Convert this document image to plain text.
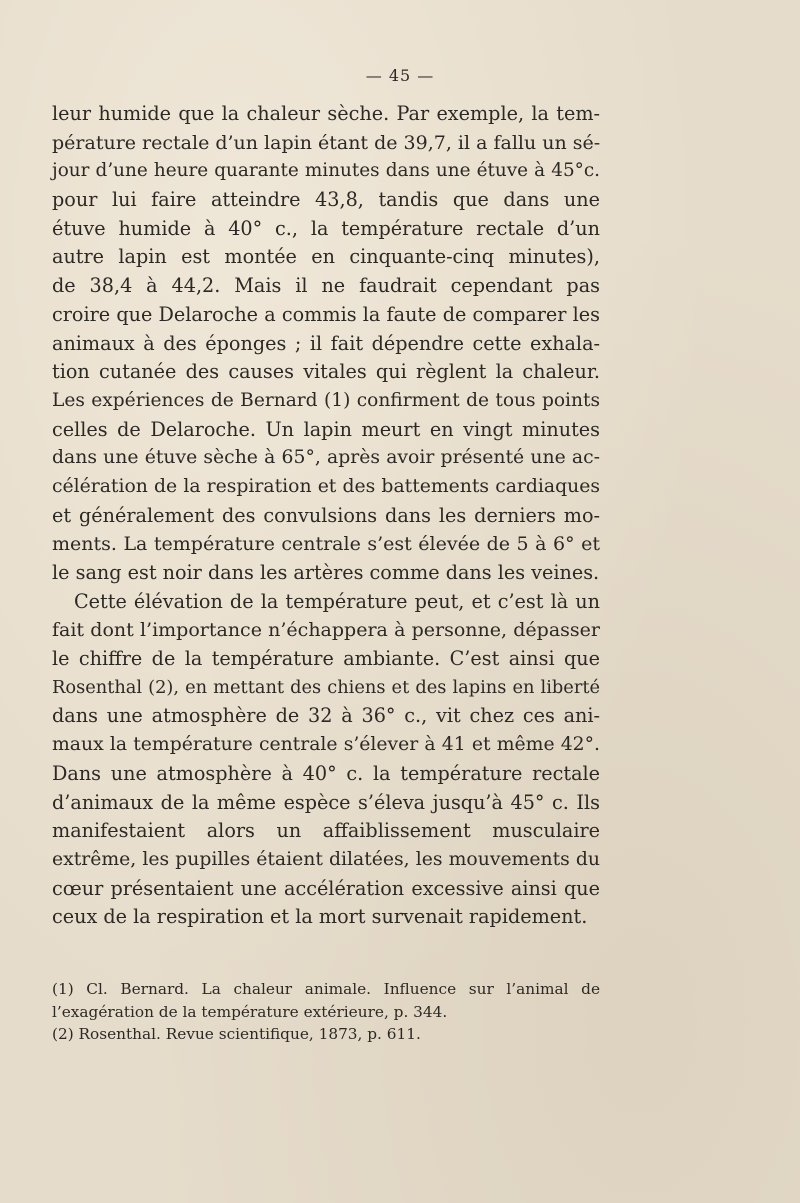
— 45 —
leur humide que la chaleur sèche. Par exemple, la tem-
pérature rectale d’un lapin étant de 39,7, il a fallu un sé-
jour d’une heure quarante minutes dans une étuve à 45°c.
pour lui faire atteindre 43,8, tandis que dans une
étuve humide à 40° c., la température rectale d’un
autre lapin est montée en cinquante-cinq minutes),
de 38,4 à 44,2. Mais il ne faudrait cependant pas
croire que Delaroche a commis la faute de comparer les
animaux à des éponges ; il fait dépendre cette exhala-
tion cutanée des causes vitales qui règlent la chaleur.
Les expériences de Bernard (1) confirment de tous points
celles de Delaroche. Un lapin meurt en vingt minutes
dans une étuve sèche à 65°, après avoir présenté une ac-
célération de la respiration et des battements cardiaques
et généralement des convulsions dans les derniers mo-
ments. La température centrale s’est élevée de 5 à 6° et
le sang est noir dans les artères comme dans les veines.
Cette élévation de la température peut, et c’est là un
fait dont l’importance n’échappera à personne, dépasser
le chiffre de la température ambiante. C’est ainsi que
Rosenthal (2), en mettant des chiens et des lapins en liberté
dans une atmosphère de 32 à 36° c., vit chez ces ani-
maux la température centrale s’élever à 41 et même 42°.
Dans une atmosphère à 40° c. la température rectale
d’animaux de la même espèce s’éleva jusqu’à 45° c. Ils
manifestaient alors un affaiblissement musculaire
extrême, les pupilles étaient dilatées, les mouvements du
cœur présentaient une accélération excessive ainsi que
ceux de la respiration et la mort survenait rapidement.
(1) Cl. Bernard. La chaleur animale. Influence sur l’animal de
l’exagération de la température extérieure, p. 344.
(2) Rosenthal. Revue scientifique, 1873, p. 611.
